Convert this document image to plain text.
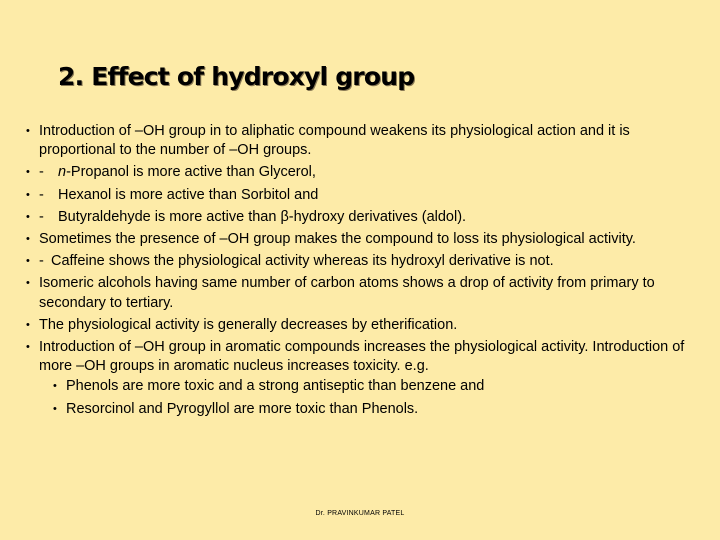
2. Effect of hydroxyl group
• Introduction of –OH group in to aliphatic compound weakens its physiological action and it is proportional to the number of –OH groups.
• - n-Propanol is more active than Glycerol,
• - Hexanol is more active than Sorbitol and
• - Butyraldehyde is more active than β-hydroxy derivatives (aldol).
• Sometimes the presence of –OH group makes the compound to loss its physiological activity.
• - Caffeine shows the physiological activity whereas its hydroxyl derivative is not.
• Isomeric alcohols having same number of carbon atoms shows a drop of activity from primary to secondary to tertiary.
• The physiological activity is generally decreases by etherification.
• Introduction of –OH group in aromatic compounds increases the physiological activity. Introduction of more –OH groups in aromatic nucleus increases toxicity. e.g.
• Phenols are more toxic and a strong antiseptic than benzene and
• Resorcinol and Pyrogyllol are more toxic than Phenols.
Dr. PRAVINKUMAR PATEL
